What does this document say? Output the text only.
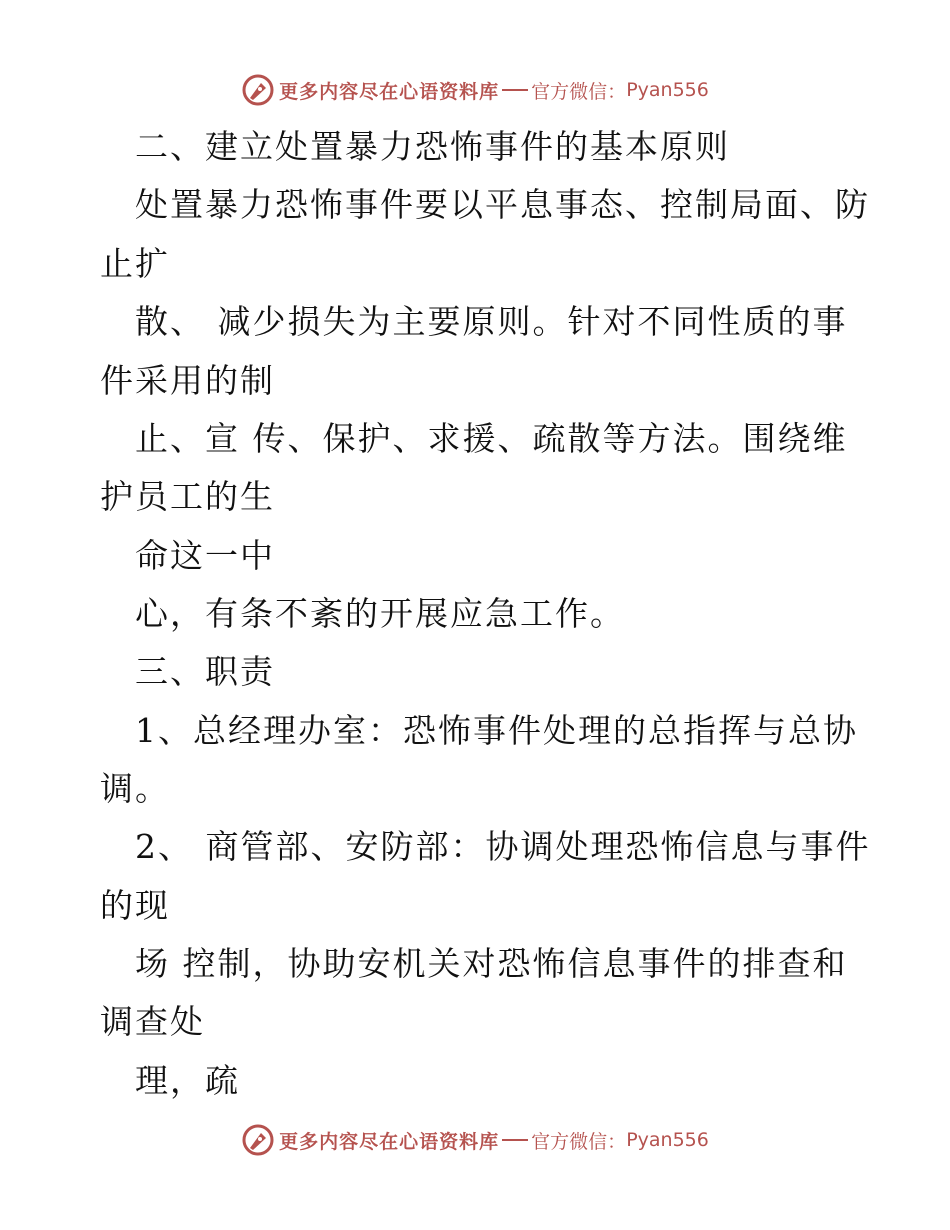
更多内容尽在心语资料库 官方微信： Pyan556
二、建立处置暴力恐怖事件的基本原则
处置暴力恐怖事件要以平息事态、控制局面、防
止扩
散、 减少损失为主要原则。针对不同性质的事
件采用的制
止、宣 传、保护、求援、疏散等方法。围绕维
护员工的生
命这一中
心，有条不紊的开展应急工作。
三、职责
1、总经理办室：恐怖事件处理的总指挥与总协
调。
2、 商管部、安防部：协调处理恐怖信息与事件
的现
场 控制，协助安机关对恐怖信息事件的排查和
调查处
理，疏
更多内容尽在心语资料库 官方微信： Pyan556
